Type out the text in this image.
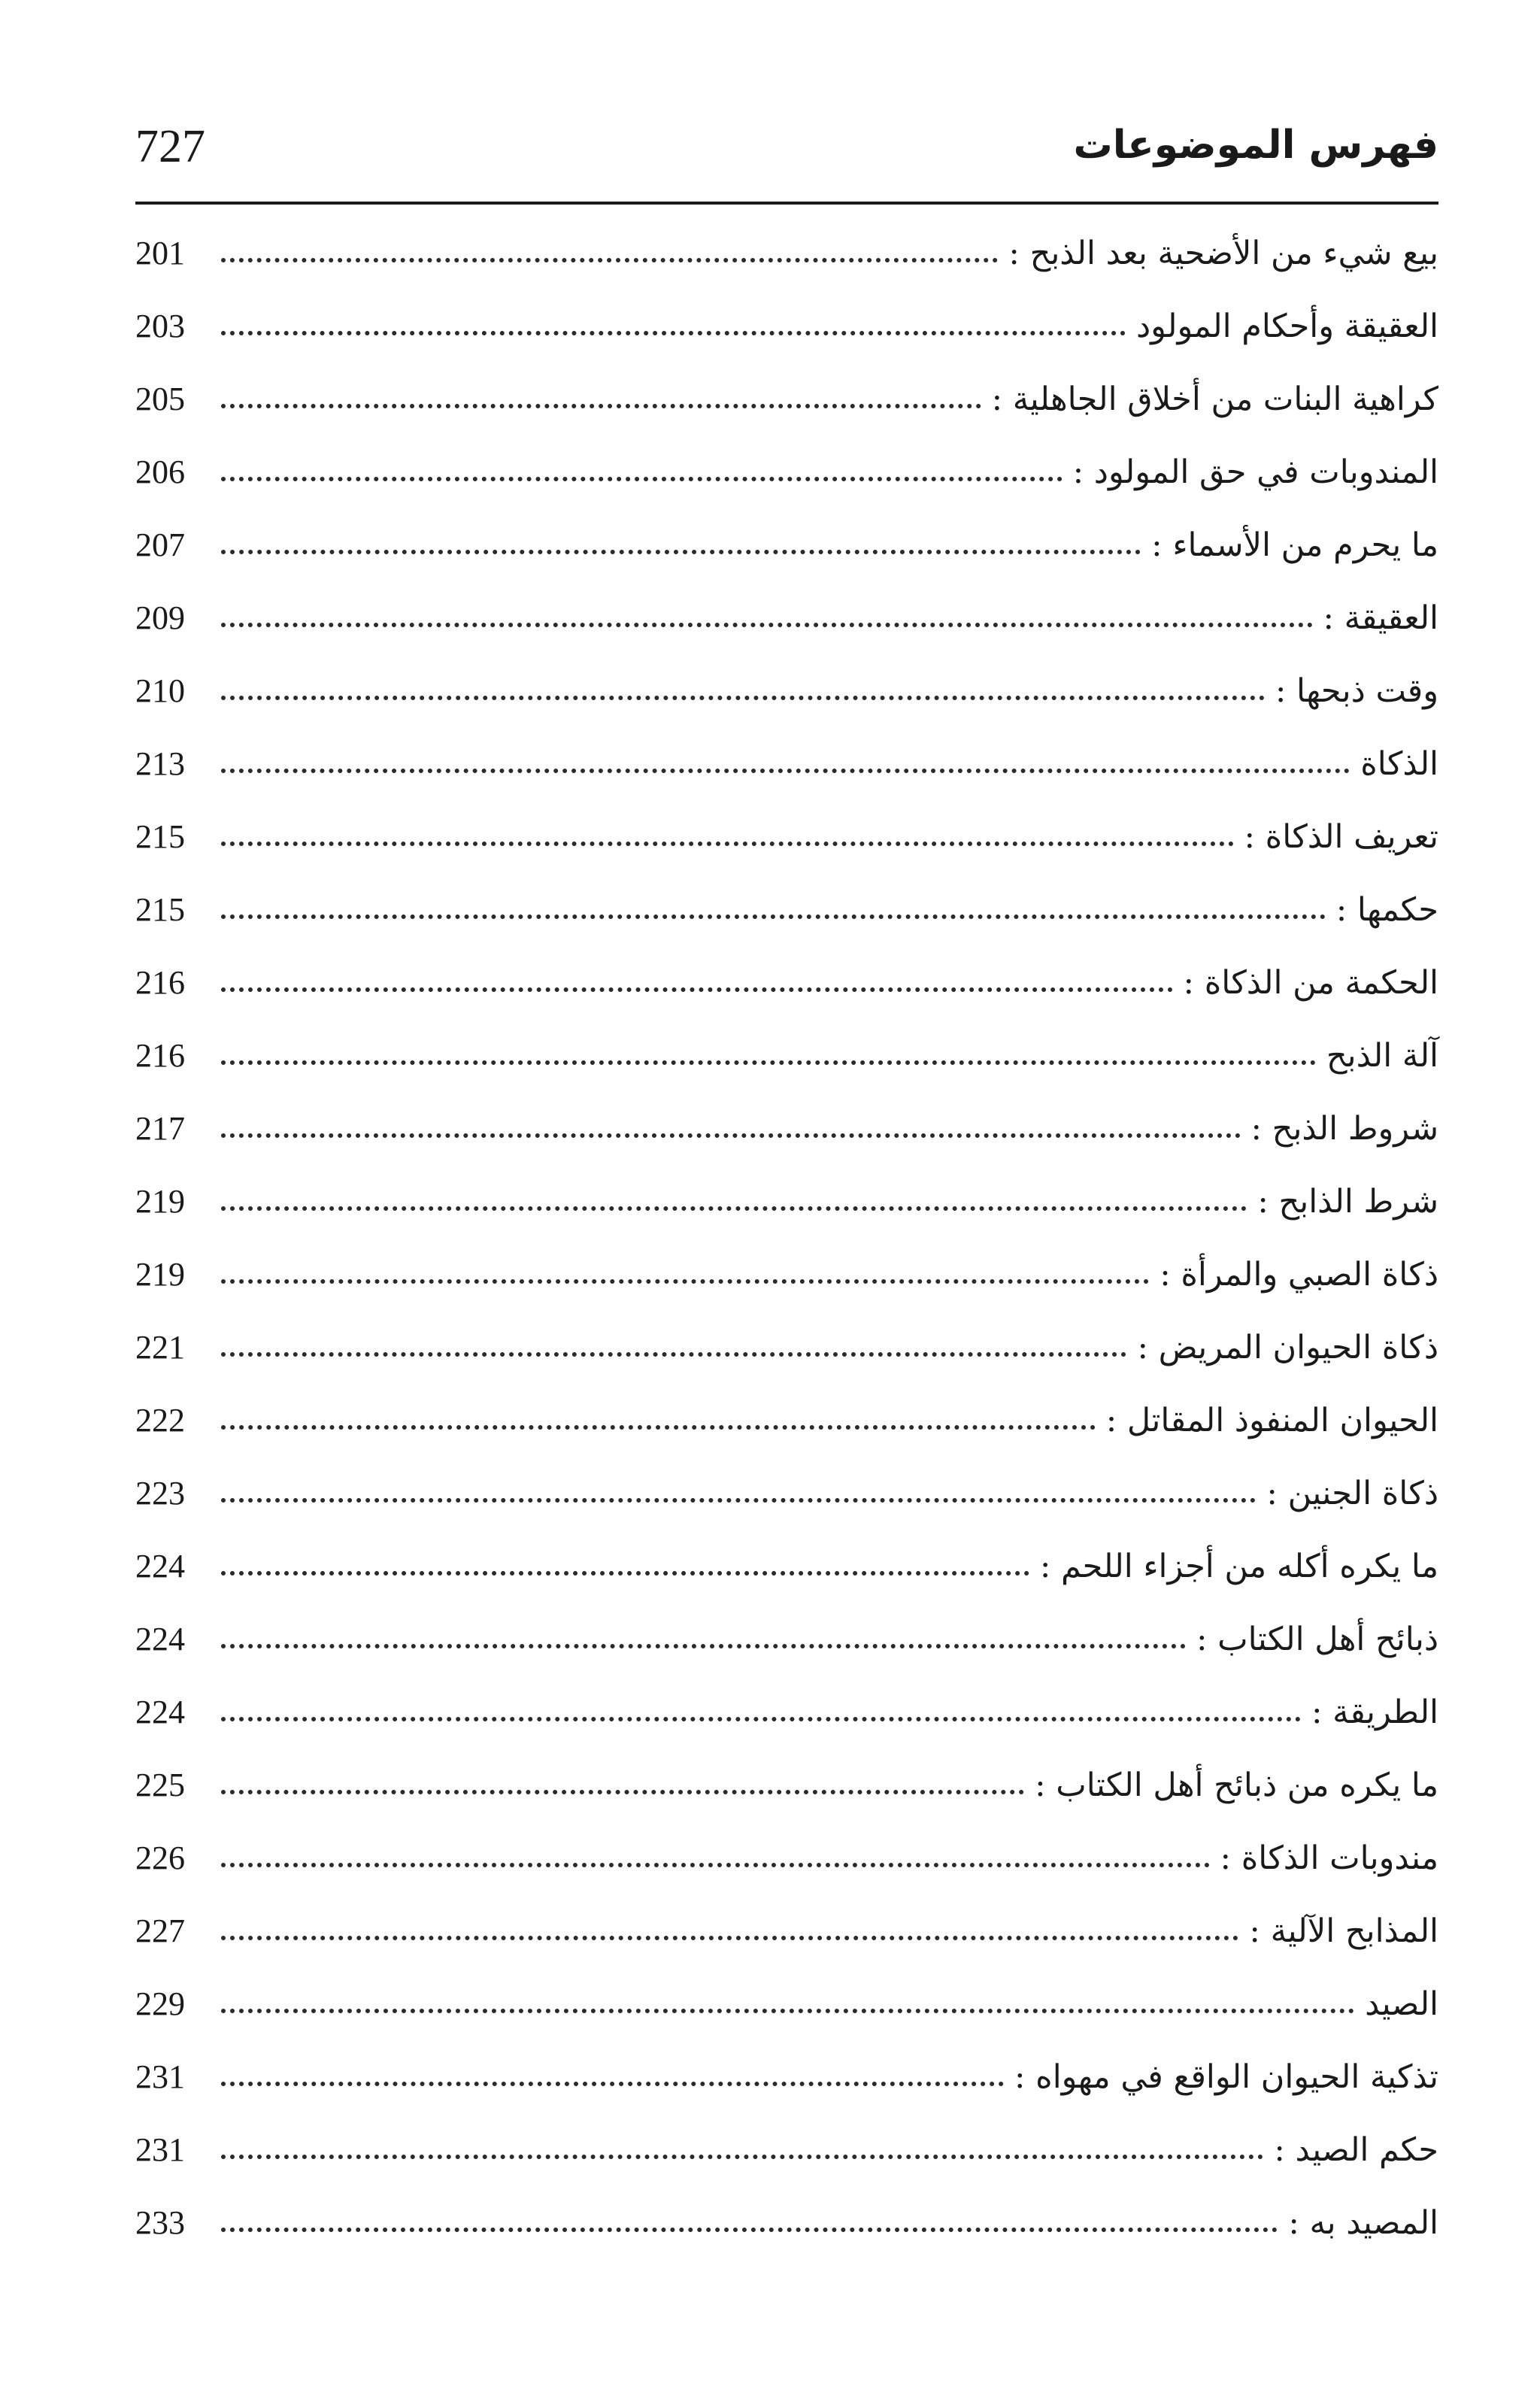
727	فهرس الموضوعات
بيع شيء من الأضحية بعد الذبح :
201
العقيقة وأحكام المولود
203
كراهية البنات من أخلاق الجاهلية :
205
المندوبات في حق المولود :
206
ما يحرم من الأسماء :
207
العقيقة :
209
وقت ذبحها :
210
الذكاة
213
تعريف الذكاة :
215
حكمها :
215
الحكمة من الذكاة :
216
آلة الذبح
216
شروط الذبح :
217
شرط الذابح :
219
ذكاة الصبي والمرأة :
219
ذكاة الحيوان المريض :
221
الحيوان المنفوذ المقاتل :
222
ذكاة الجنين :
223
ما يكره أكله من أجزاء اللحم :
224
ذبائح أهل الكتاب :
224
الطريقة :
224
ما يكره من ذبائح أهل الكتاب :
225
مندوبات الذكاة :
226
المذابح الآلية :
227
الصيد
229
تذكية الحيوان الواقع في مهواه :
231
حكم الصيد :
231
المصيد به :
233
